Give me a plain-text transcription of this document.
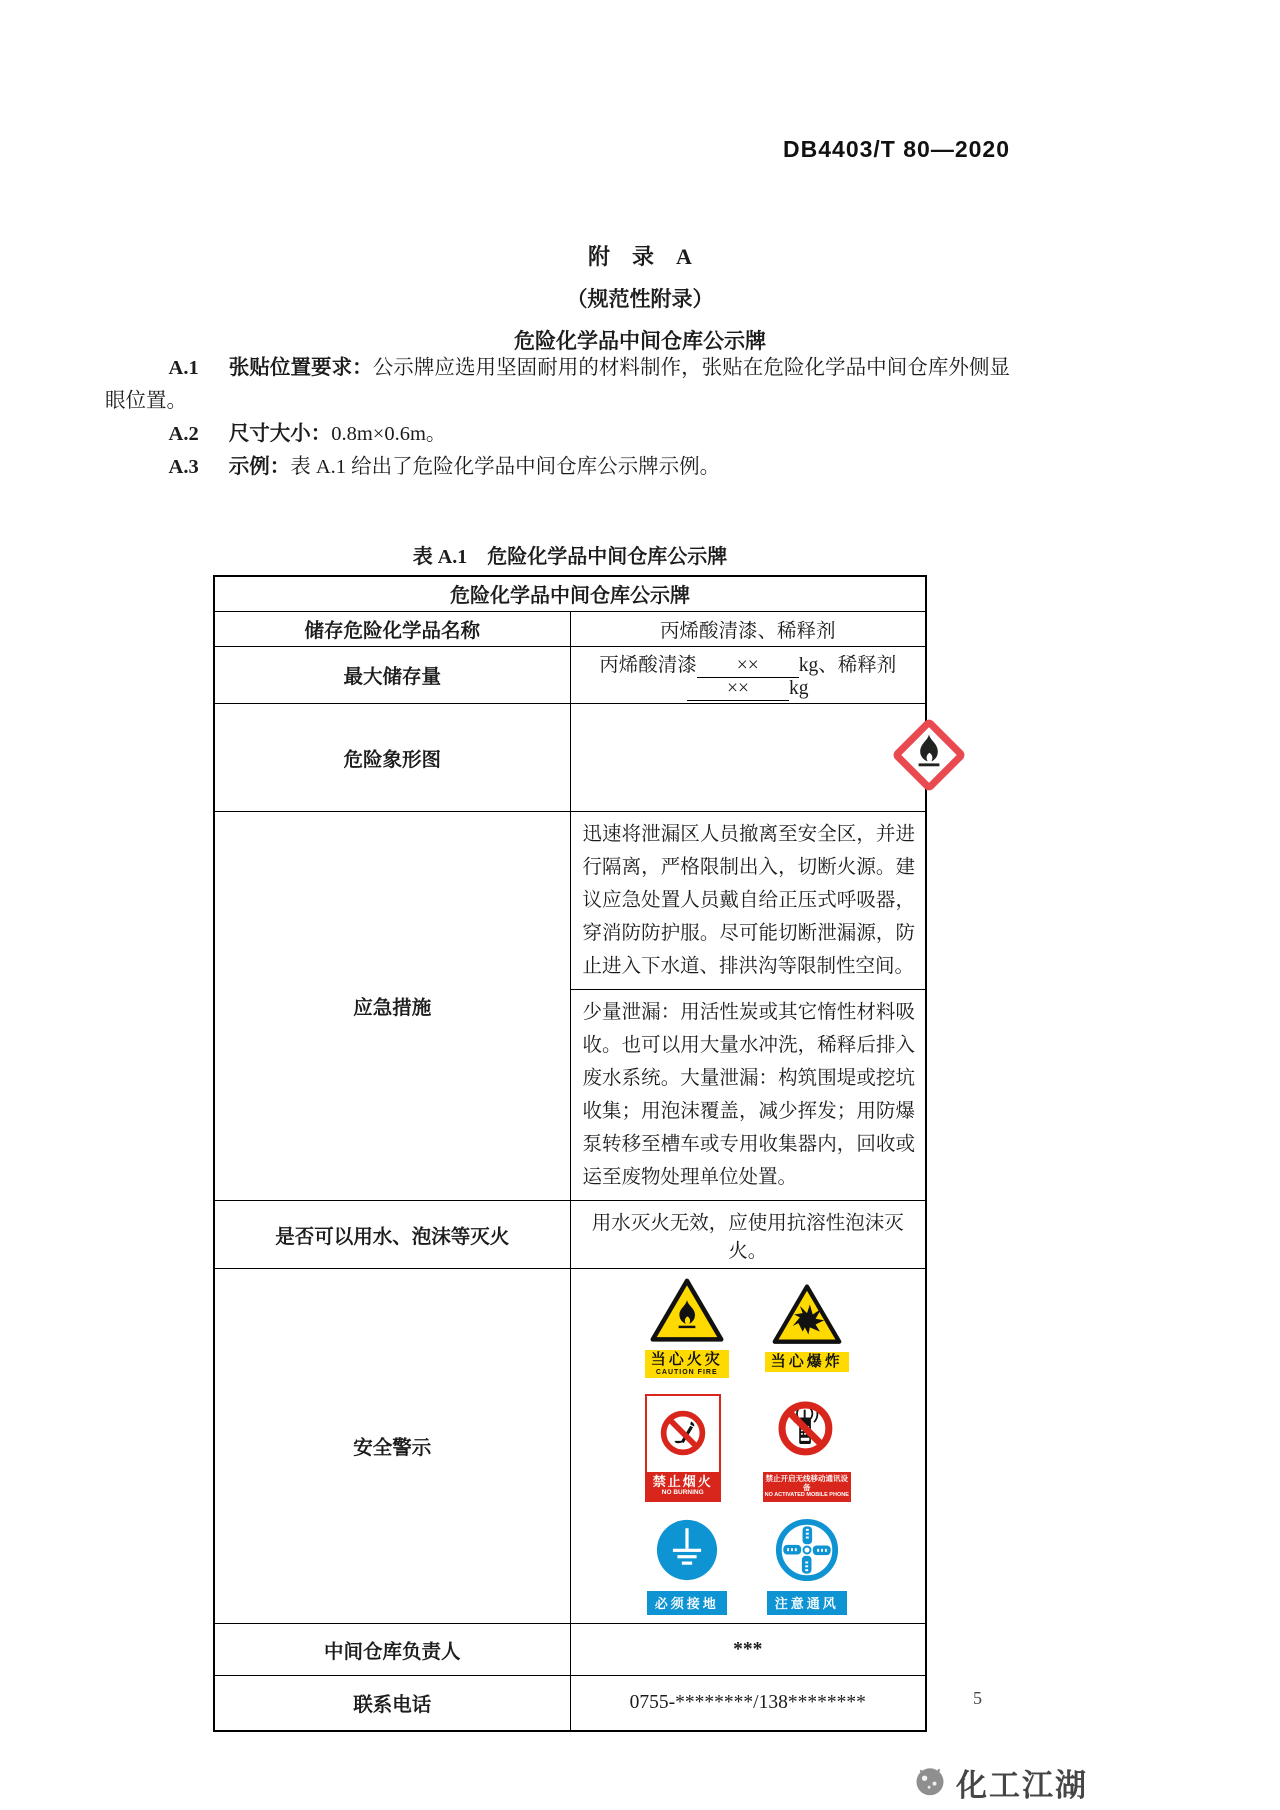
DB4403/T 80—2020
附　录　A
（规范性附录）
危险化学品中间仓库公示牌

A.1 张贴位置要求：公示牌应选用坚固耐用的材料制作，张贴在危险化学品中间仓库外侧显眼位置。

A.2 尺寸大小：0.8m×0.6m。

A.3 示例：表 A.1 给出了危险化学品中间仓库公示牌示例。

表 A.1　危险化学品中间仓库公示牌
危险化学品中间仓库公示牌	
储存危险化学品名称	丙烯酸清漆、稀释剂
最大储存量	丙烯酸清漆 ×× kg、稀释剂×× kg
危险象形图	

应急措施	迅速将泄漏区人员撤离至安全区，并进行隔离，严格限制出入，切断火源。建议应急处置人员戴自给正压式呼吸器，穿消防防护服。尽可能切断泄漏源，防止进入下水道、排洪沟等限制性空间。
	少量泄漏：用活性炭或其它惰性材料吸收。也可以用大量水冲洗，稀释后排入废水系统。大量泄漏：构筑围堤或挖坑收集；用泡沫覆盖，减少挥发；用防爆泵转移至槽车或专用收集器内，回收或运至废物处理单位处置。
是否可以用水、泡沫等灭火	用水灭火无效，应使用抗溶性泡沫灭火。
安全警示	
当心火灾
CAUTION FIRE
当心爆炸
禁止烟火
NO BURNING
禁止开启无线移动通讯设备
NO ACTIVATED MOBILE PHONE
必须接地	注意通风

中间仓库负责人	***
联系电话	0755-********/138********	5
化工江湖
